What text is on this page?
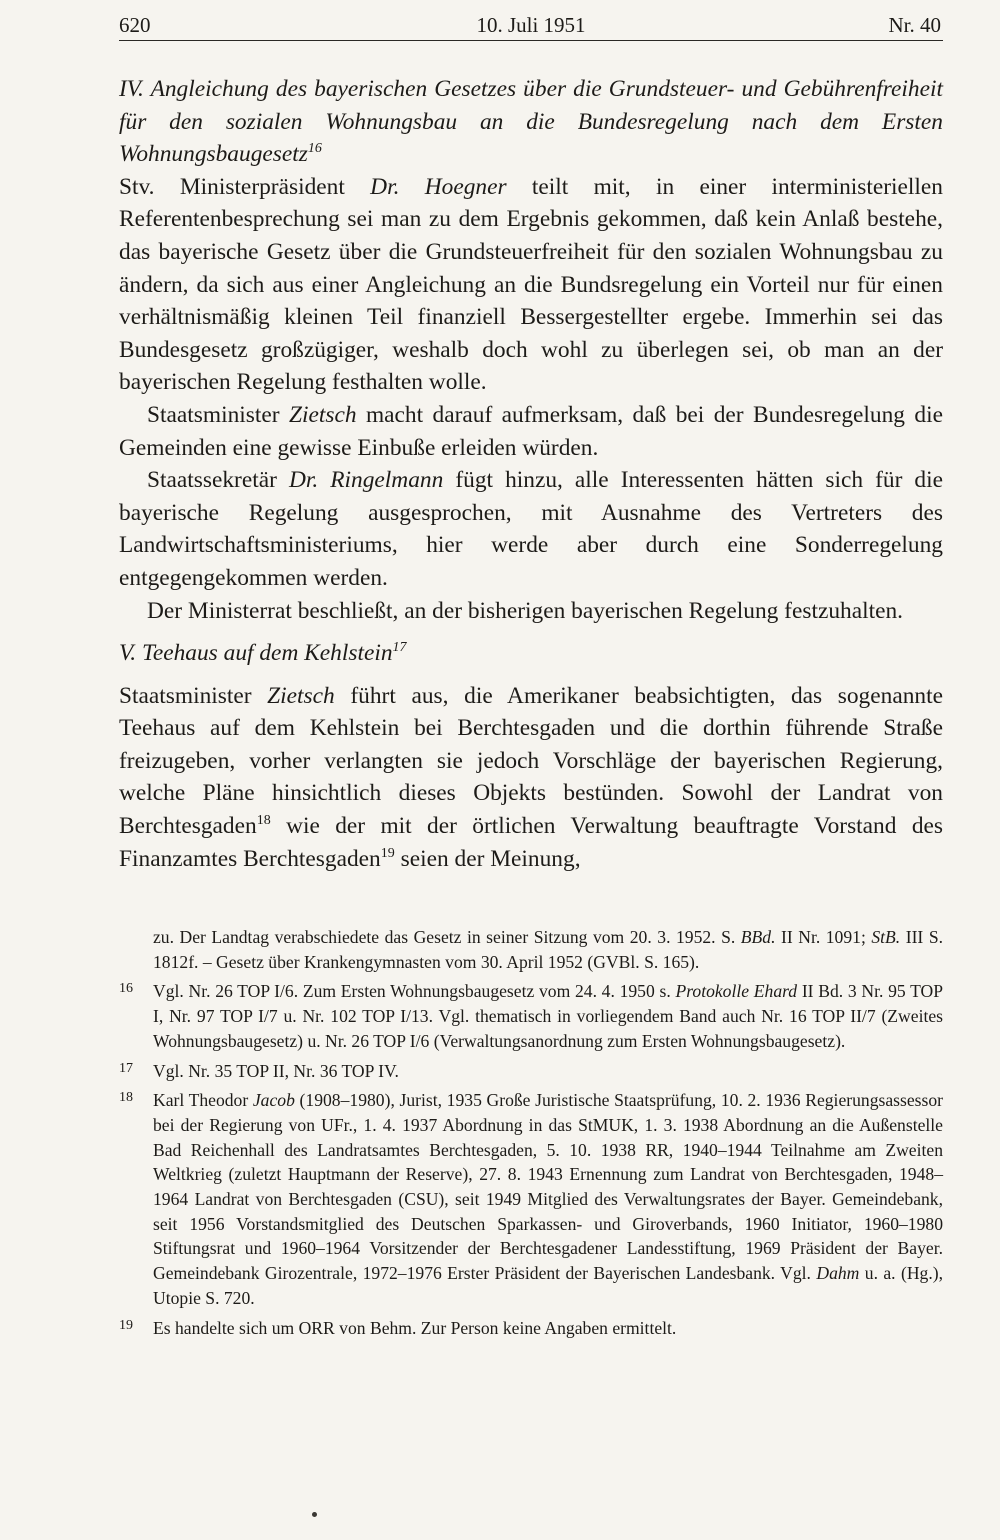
620	10. Juli 1951	Nr. 40

IV. Angleichung des bayerischen Gesetzes über die Grundsteuer- und Gebührenfreiheit für den sozialen Wohnungsbau an die Bundesregelung nach dem Ersten Wohnungsbaugesetz$^{16}$

Stv. Ministerpräsident Dr. Hoegner teilt mit, in einer interministeriellen Referentenbesprechung sei man zu dem Ergebnis gekommen, daß kein Anlaß bestehe, das bayerische Gesetz über die Grundsteuerfreiheit für den sozialen Wohnungsbau zu ändern, da sich aus einer Angleichung an die Bundsregelung ein Vorteil nur für einen verhältnismäßig kleinen Teil finanziell Bessergestellter ergebe. Immerhin sei das Bundesgesetz großzügiger, weshalb doch wohl zu überlegen sei, ob man an der bayerischen Regelung festhalten wolle.

Staatsminister Zietsch macht darauf aufmerksam, daß bei der Bundesregelung die Gemeinden eine gewisse Einbuße erleiden würden.

Staatssekretär Dr. Ringelmann fügt hinzu, alle Interessenten hätten sich für die bayerische Regelung ausgesprochen, mit Ausnahme des Vertreters des Landwirtschaftsministeriums, hier werde aber durch eine Sonderregelung entgegengekommen werden.

Der Ministerrat beschließt, an der bisherigen bayerischen Regelung festzuhalten.

V. Teehaus auf dem Kehlstein$^{17}$

Staatsminister Zietsch führt aus, die Amerikaner beabsichtigten, das sogenannte Teehaus auf dem Kehlstein bei Berchtesgaden und die dorthin führende Straße freizugeben, vorher verlangten sie jedoch Vorschläge der bayerischen Regierung, welche Pläne hinsichtlich dieses Objekts bestünden. Sowohl der Landrat von Berchtesgaden$^{18}$ wie der mit der örtlichen Verwaltung beauftragte Vorstand des Finanzamtes Berchtesgaden$^{19}$ seien der Meinung,

zu. Der Landtag verabschiedete das Gesetz in seiner Sitzung vom 20. 3. 1952. S. BBd. II Nr. 1091; StB. III S. 1812f. – Gesetz über Krankengymnasten vom 30. April 1952 (GVBl. S. 165).

16 Vgl. Nr. 26 TOP I/6. Zum Ersten Wohnungsbaugesetz vom 24. 4. 1950 s. Protokolle Ehard II Bd. 3 Nr. 95 TOP I, Nr. 97 TOP I/7 u. Nr. 102 TOP I/13. Vgl. thematisch in vorliegendem Band auch Nr. 16 TOP II/7 (Zweites Wohnungsbaugesetz) u. Nr. 26 TOP I/6 (Verwaltungsanordnung zum Ersten Wohnungsbaugesetz).

17 Vgl. Nr. 35 TOP II, Nr. 36 TOP IV.

18 Karl Theodor Jacob (1908–1980), Jurist, 1935 Große Juristische Staatsprüfung, 10. 2. 1936 Regierungsassessor bei der Regierung von UFr., 1. 4. 1937 Abordnung in das StMUK, 1. 3. 1938 Abordnung an die Außenstelle Bad Reichenhall des Landratsamtes Berchtesgaden, 5. 10. 1938 RR, 1940–1944 Teilnahme am Zweiten Weltkrieg (zuletzt Hauptmann der Reserve), 27. 8. 1943 Ernennung zum Landrat von Berchtesgaden, 1948–1964 Landrat von Berchtesgaden (CSU), seit 1949 Mitglied des Verwaltungsrates der Bayer. Gemeindebank, seit 1956 Vorstandsmitglied des Deutschen Sparkassen- und Giroverbands, 1960 Initiator, 1960–1980 Stiftungsrat und 1960–1964 Vorsitzender der Berchtesgadener Landesstiftung, 1969 Präsident der Bayer. Gemeindebank Girozentrale, 1972–1976 Erster Präsident der Bayerischen Landesbank. Vgl. Dahm u. a. (Hg.), Utopie S. 720.

19 Es handelte sich um ORR von Behm. Zur Person keine Angaben ermittelt.
